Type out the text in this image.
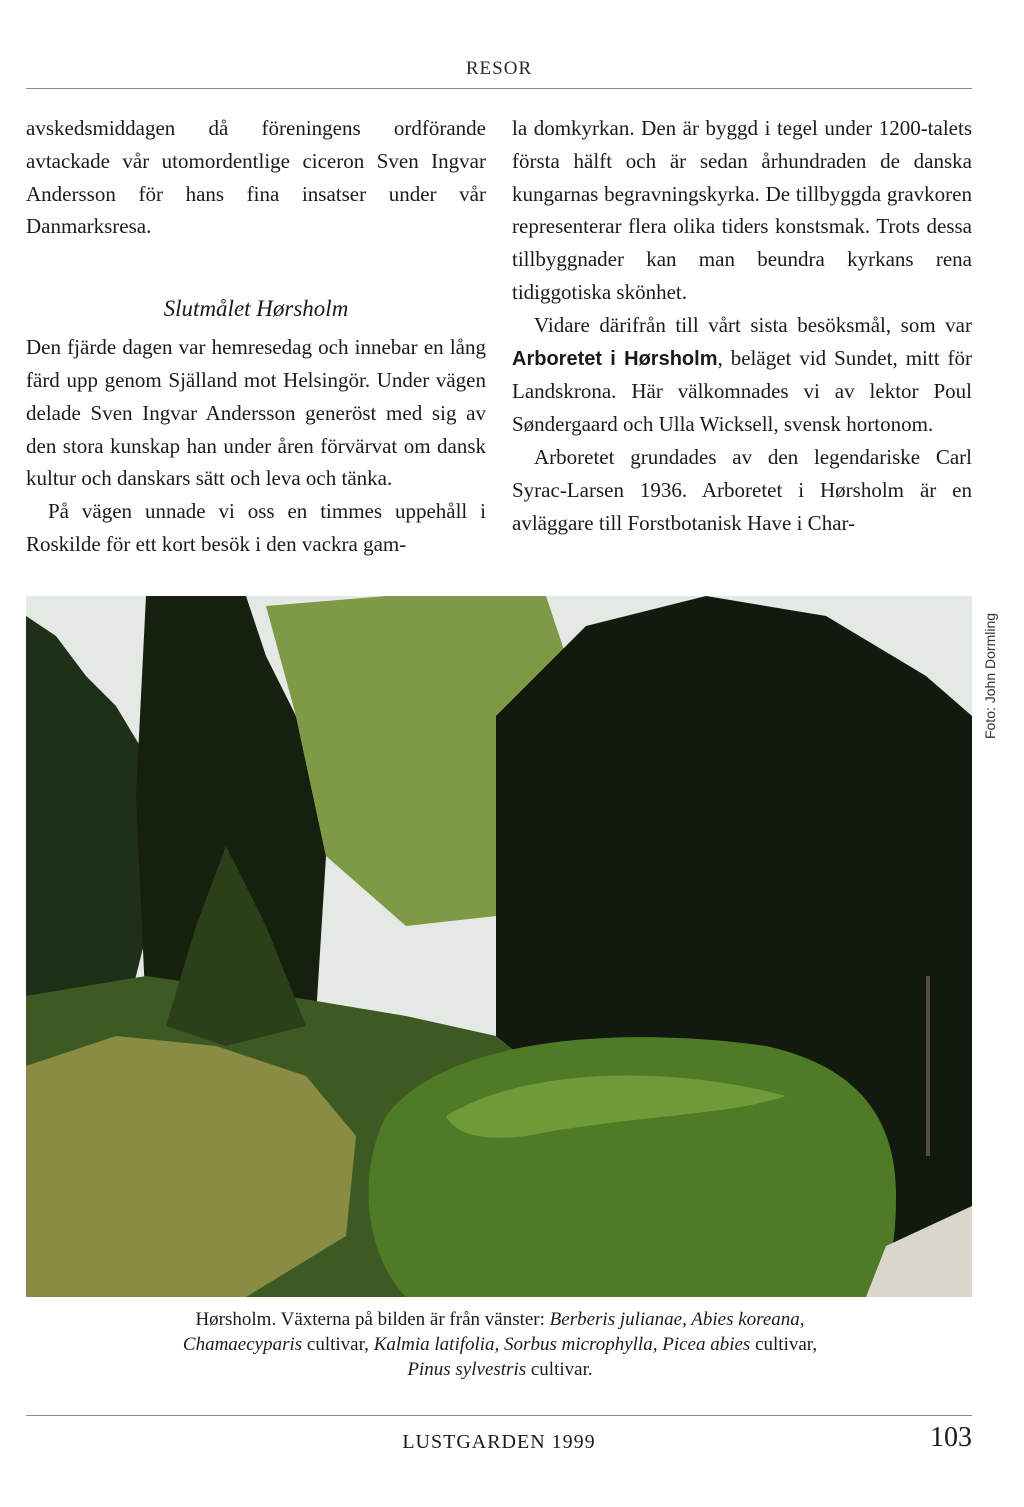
RESOR

avskedsmiddagen då föreningens ordförande avtackade vår utomordentlige ciceron Sven Ingvar Andersson för hans fina insatser under vår Danmarksresa.

Slutmålet Hørsholm

Den fjärde dagen var hemresedag och innebar en lång färd upp genom Själland mot Helsingör. Under vägen delade Sven Ingvar Andersson generöst med sig av den stora kunskap han under åren förvärvat om dansk kultur och danskars sätt och leva och tänka.

På vägen unnade vi oss en timmes uppehåll i Roskilde för ett kort besök i den vackra gam-

la domkyrkan. Den är byggd i tegel under 1200-talets första hälft och är sedan århundraden de danska kungarnas begravningskyrka. De tillbyggda gravkoren representerar flera olika tiders konstsmak. Trots dessa tillbyggnader kan man beundra kyrkans rena tidiggotiska skönhet.

Vidare därifrån till vårt sista besöksmål, som var Arboretet i Hørsholm, beläget vid Sundet, mitt för Landskrona. Här välkomnades vi av lektor Poul Søndergaard och Ulla Wicksell, svensk hortonom.

Arboretet grundades av den legendariske Carl Syrac-Larsen 1936. Arboretet i Hørsholm är en avläggare till Forstbotanisk Have i Char-

Foto: John Dormling
Hørsholm. Växterna på bilden är från vänster: Berberis julianae, Abies koreana,
Chamaecyparis cultivar, Kalmia latifolia, Sorbus microphylla, Picea abies cultivar,
Pinus sylvestris cultivar.
LUSTGARDEN 1999	103
